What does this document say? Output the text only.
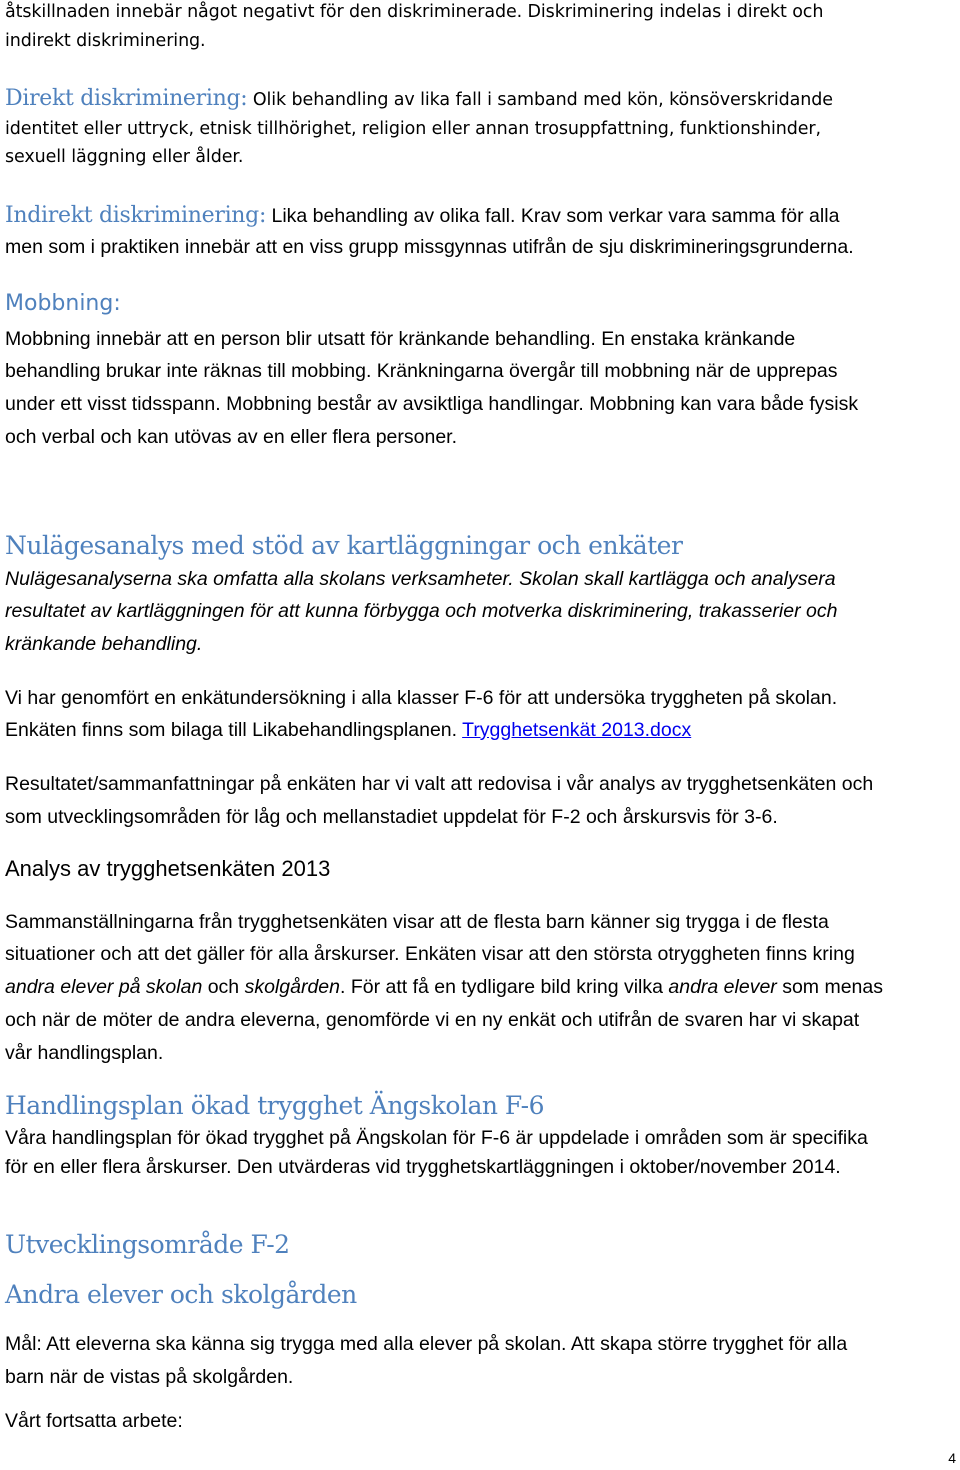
åtskillnaden innebär något negativt för den diskriminerade. Diskriminering indelas i direkt och
indirekt diskriminering.
Direkt diskriminering: Olik behandling av lika fall i samband med kön, könsöverskridande
identitet eller uttryck, etnisk tillhörighet, religion eller annan trosuppfattning, funktionshinder,
sexuell läggning eller ålder.
Indirekt diskriminering: Lika behandling av olika fall. Krav som verkar vara samma för alla
men som i praktiken innebär att en viss grupp missgynnas utifrån de sju diskrimineringsgrunderna.
Mobbning:
Mobbning innebär att en person blir utsatt för kränkande behandling. En enstaka kränkande
behandling brukar inte räknas till mobbing. Kränkningarna övergår till mobbning när de upprepas
under ett visst tidsspann. Mobbning består av avsiktliga handlingar. Mobbning kan vara både fysisk
och verbal och kan utövas av en eller flera personer.
Nulägesanalys med stöd av kartläggningar och enkäter
Nulägesanalyserna ska omfatta alla skolans verksamheter. Skolan skall kartlägga och analysera
resultatet av kartläggningen för att kunna förbygga och motverka diskriminering, trakasserier och
kränkande behandling.
Vi har genomfört en enkätundersökning i alla klasser F-6 för att undersöka tryggheten på skolan.
Enkäten finns som bilaga till Likabehandlingsplanen. Trygghetsenkät 2013.docx
Resultatet/sammanfattningar på enkäten har vi valt att redovisa i vår analys av trygghetsenkäten och
som utvecklingsområden för låg och mellanstadiet uppdelat för F-2 och årskursvis för 3-6.
Analys av trygghetsenkäten 2013
Sammanställningarna från trygghetsenkäten visar att de flesta barn känner sig trygga i de flesta
situationer och att det gäller för alla årskurser. Enkäten visar att den största otryggheten finns kring
andra elever på skolan och skolgården. För att få en tydligare bild kring vilka andra elever som menas
och när de möter de andra eleverna, genomförde vi en ny enkät och utifrån de svaren har vi skapat
vår handlingsplan.
Handlingsplan ökad trygghet Ängskolan F-6
Våra handlingsplan för ökad trygghet på Ängskolan för F-6 är uppdelade i områden som är specifika
för en eller flera årskurser. Den utvärderas vid trygghetskartläggningen i oktober/november 2014.
Utvecklingsområde F-2
Andra elever och skolgården
Mål: Att eleverna ska känna sig trygga med alla elever på skolan. Att skapa större trygghet för alla
barn när de vistas på skolgården.
Vårt fortsatta arbete:
4
